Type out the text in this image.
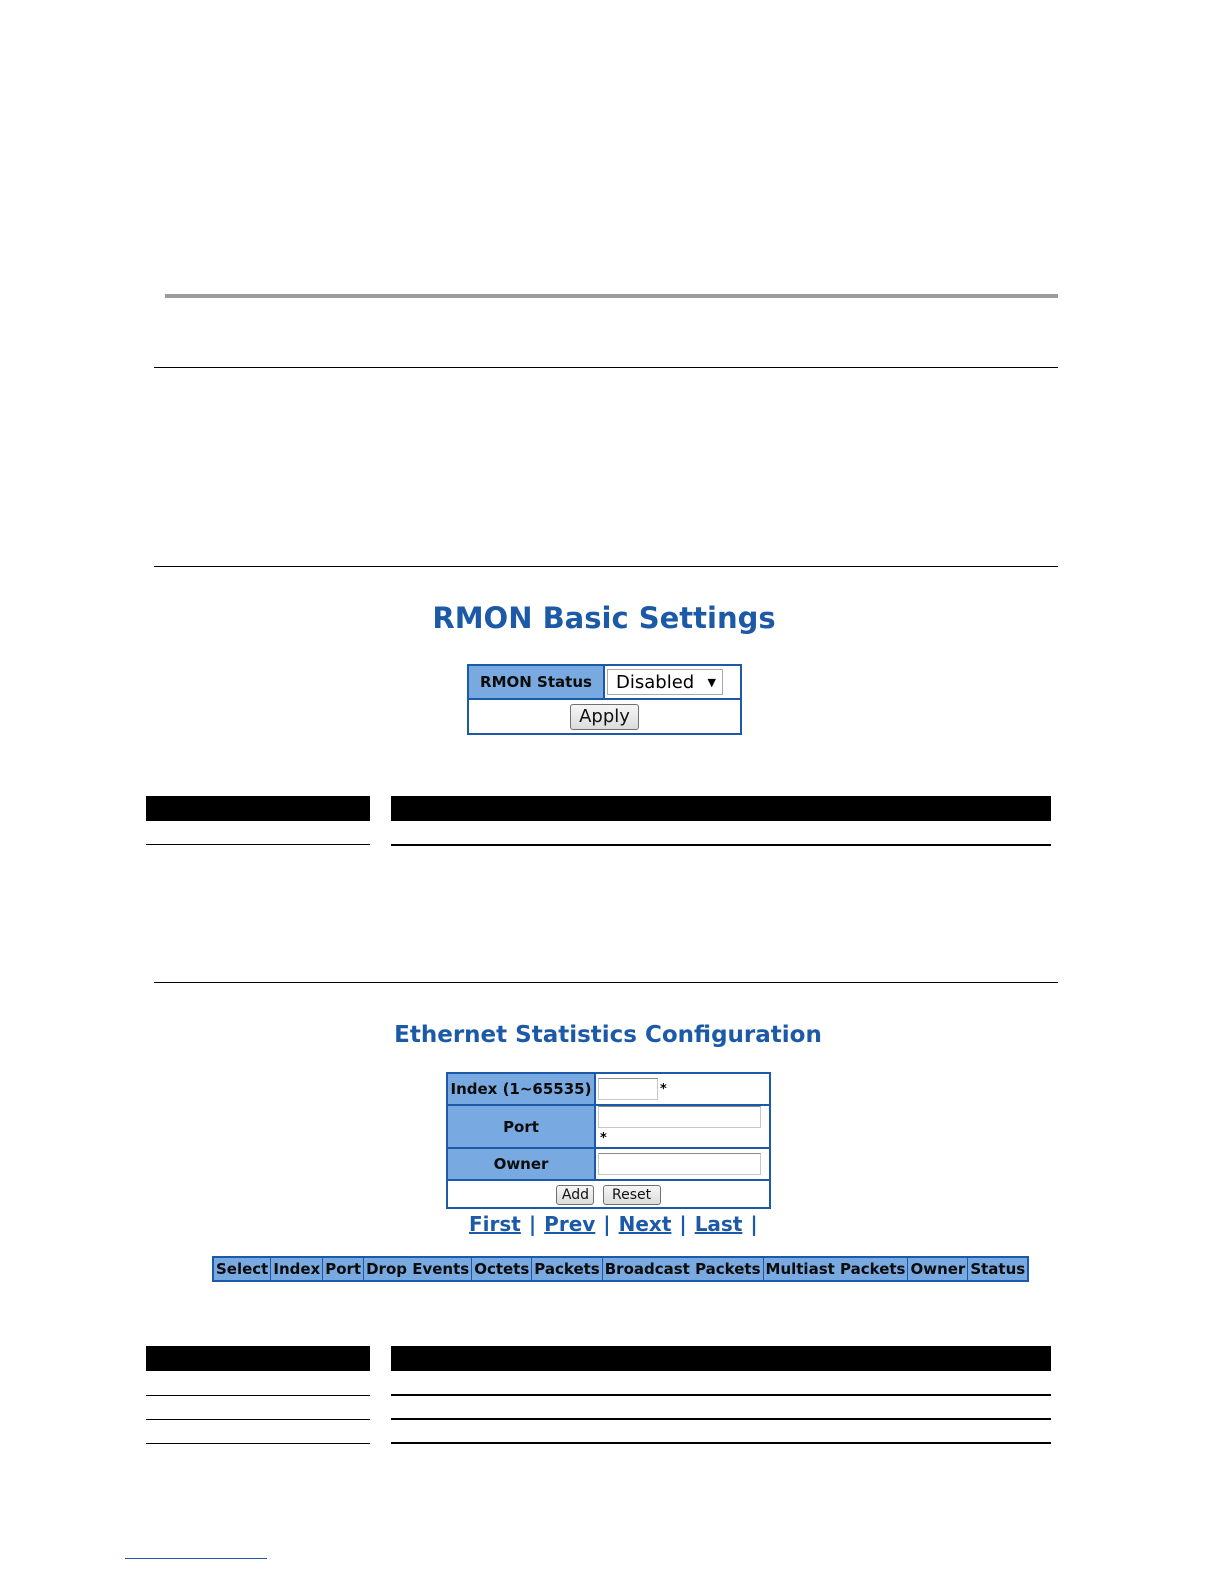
RMON Basic Settings
RMON Status	Disabled ▼

Apply
Ethernet Statistics Configuration
Index (1~65535)	*
Port	*
Owner	
Add Reset	
First | Prev | Next | Last |
Select	Index	Port	Drop Events	Octets	Packets	Broadcast Packets	Multiast Packets	Owner	Status
